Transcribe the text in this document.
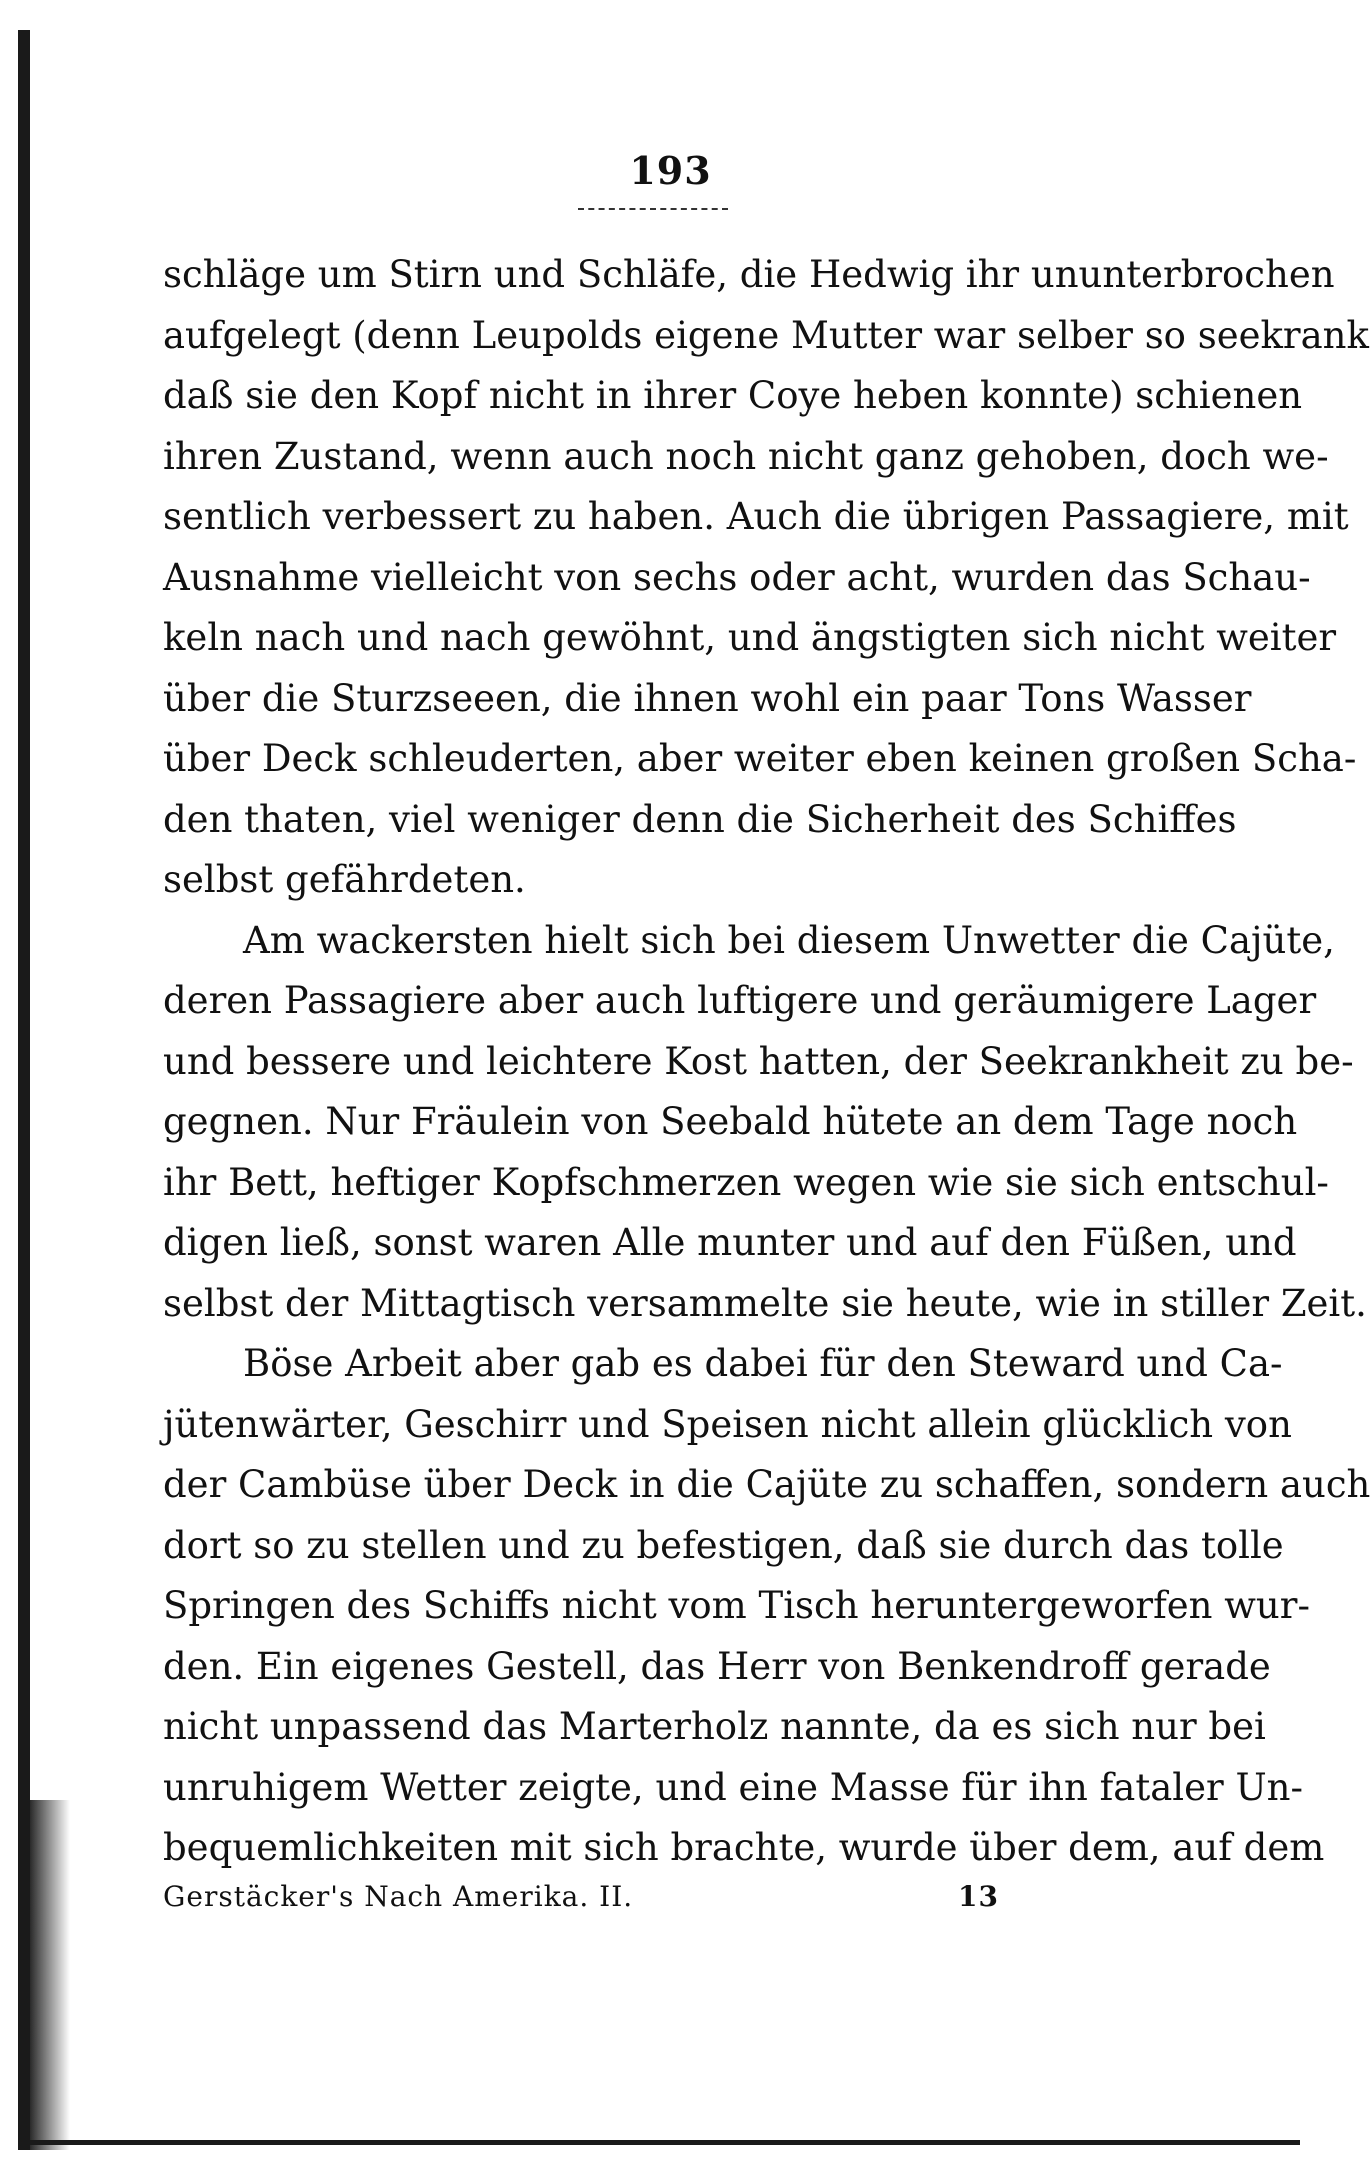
193
schläge um Stirn und Schläfe, die Hedwig ihr ununterbrochen
aufgelegt (denn Leupolds eigene Mutter war selber so seekrank
daß sie den Kopf nicht in ihrer Coye heben konnte) schienen
ihren Zustand, wenn auch noch nicht ganz gehoben, doch we-
sentlich verbessert zu haben. Auch die übrigen Passagiere, mit
Ausnahme vielleicht von sechs oder acht, wurden das Schau-
keln nach und nach gewöhnt, und ängstigten sich nicht weiter
über die Sturzseeen, die ihnen wohl ein paar Tons Wasser
über Deck schleuderten, aber weiter eben keinen großen Scha-
den thaten, viel weniger denn die Sicherheit des Schiffes
selbst gefährdeten.
Am wackersten hielt sich bei diesem Unwetter die Cajüte,
deren Passagiere aber auch luftigere und geräumigere Lager
und bessere und leichtere Kost hatten, der Seekrankheit zu be-
gegnen. Nur Fräulein von Seebald hütete an dem Tage noch
ihr Bett, heftiger Kopfschmerzen wegen wie sie sich entschul-
digen ließ, sonst waren Alle munter und auf den Füßen, und
selbst der Mittagtisch versammelte sie heute, wie in stiller Zeit.
Böse Arbeit aber gab es dabei für den Steward und Ca-
jütenwärter, Geschirr und Speisen nicht allein glücklich von
der Cambüse über Deck in die Cajüte zu schaffen, sondern auch
dort so zu stellen und zu befestigen, daß sie durch das tolle
Springen des Schiffs nicht vom Tisch heruntergeworfen wur-
den. Ein eigenes Gestell, das Herr von Benkendroff gerade
nicht unpassend das Marterholz nannte, da es sich nur bei
unruhigem Wetter zeigte, und eine Masse für ihn fataler Un-
bequemlichkeiten mit sich brachte, wurde über dem, auf dem
Gerstäcker's Nach Amerika. II.	13
